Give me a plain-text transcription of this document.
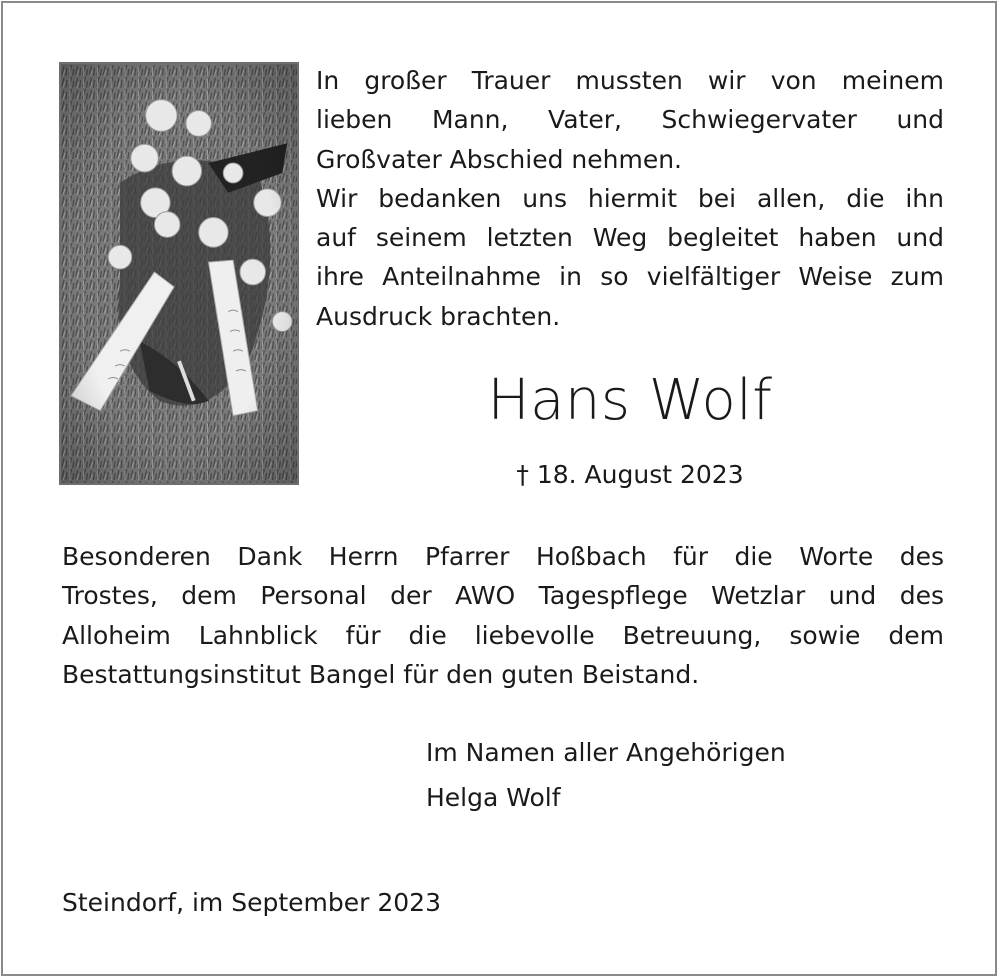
In großer Trauer mussten wir von meinem
lieben Mann, Vater, Schwiegervater und
Großvater Abschied nehmen.
Wir bedanken uns hiermit bei allen, die ihn
auf seinem letzten Weg begleitet haben und
ihre Anteilnahme in so vielfältiger Weise zum
Ausdruck brachten.
Hans Wolf
† 18. August 2023
Besonderen Dank Herrn Pfarrer Hoßbach für die Worte des
Trostes, dem Personal der AWO Tagespflege Wetzlar und des
Alloheim Lahnblick für die liebevolle Betreuung, sowie dem
Bestattungsinstitut Bangel für den guten Beistand.
Im Namen aller Angehörigen
Helga Wolf
Steindorf, im September 2023
